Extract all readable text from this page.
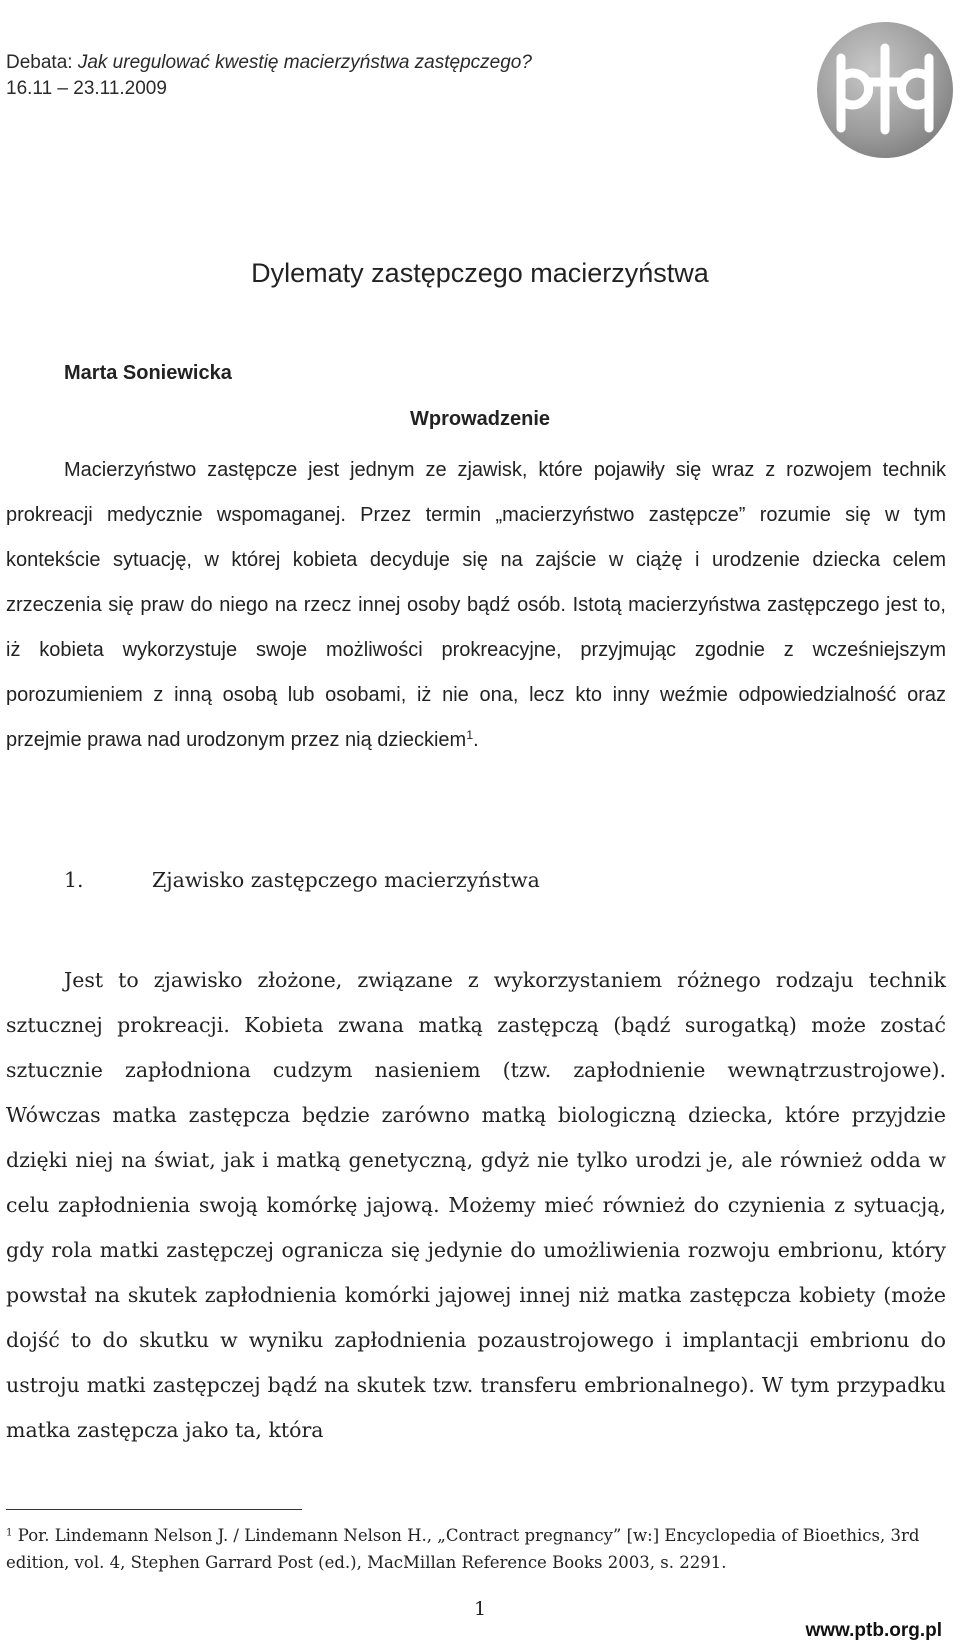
Debata: Jak uregulować kwestię macierzyństwa zastępczego?
16.11 – 23.11.2009
Dylematy zastępczego macierzyństwa
Marta Soniewicka
Wprowadzenie

Macierzyństwo zastępcze jest jednym ze zjawisk, które pojawiły się wraz z rozwojem technik prokreacji medycznie wspomaganej. Przez termin „macierzyństwo zastępcze” rozumie się w tym kontekście sytuację, w której kobieta decyduje się na zajście w ciążę i urodzenie dziecka celem zrzeczenia się praw do niego na rzecz innej osoby bądź osób. Istotą macierzyństwa zastępczego jest to, iż kobieta wykorzystuje swoje możliwości prokreacyjne, przyjmując zgodnie z wcześniejszym porozumieniem z inną osobą lub osobami, iż nie ona, lecz kto inny weźmie odpowiedzialność oraz przejmie prawa nad urodzonym przez nią dzieckiem$^1$.

1.	Zjawisko zastępczego macierzyństwa

Jest to zjawisko złożone, związane z wykorzystaniem różnego rodzaju technik sztucznej prokreacji. Kobieta zwana matką zastępczą (bądź surogatką) może zostać sztucznie zapłodniona cudzym nasieniem (tzw. zapłodnienie wewnątrzustrojowe). Wówczas matka zastępcza będzie zarówno matką biologiczną dziecka, które przyjdzie dzięki niej na świat, jak i matką genetyczną, gdyż nie tylko urodzi je, ale również odda w celu zapłodnienia swoją komórkę jajową. Możemy mieć również do czynienia z sytuacją, gdy rola matki zastępczej ogranicza się jedynie do umożliwienia rozwoju embrionu, który powstał na skutek zapłodnienia komórki jajowej innej niż matka zastępcza kobiety (może dojść to do skutku w wyniku zapłodnienia pozaustrojowego i implantacji embrionu do ustroju matki zastępczej bądź na skutek tzw. transferu embrionalnego). W tym przypadku matka zastępcza jako ta, która

$^1$ Por. Lindemann Nelson J. / Lindemann Nelson H., „Contract pregnancy” [w:] Encyclopedia of Bioethics, 3rd edition, vol. 4, Stephen Garrard Post (ed.), MacMillan Reference Books 2003, s. 2291.

1
www.ptb.org.pl
